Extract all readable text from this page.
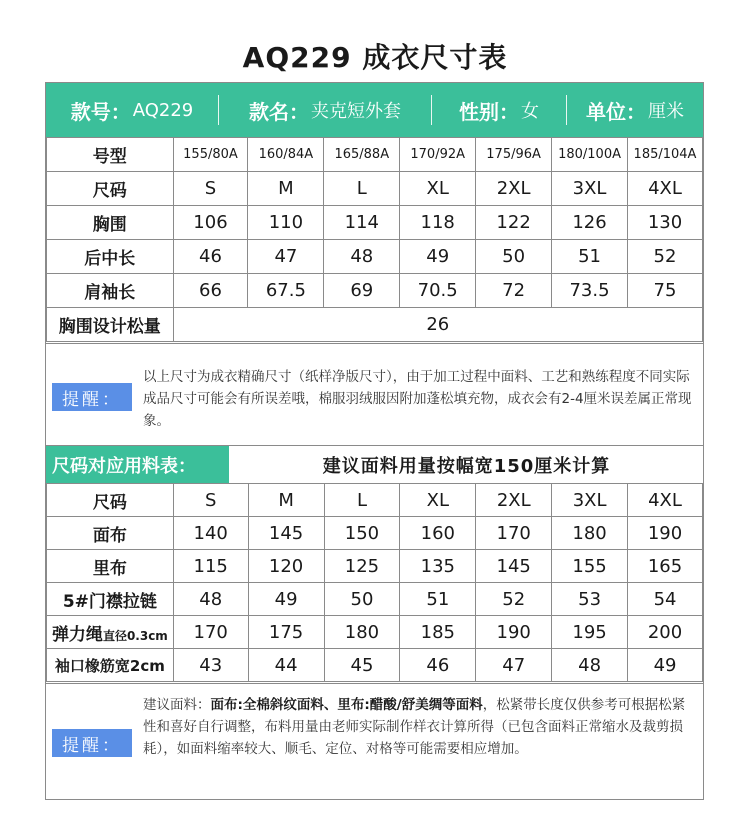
AQ229 成衣尺寸表
款号： AQ229	款名： 夹克短外套	性别： 女 单位： 厘米
号型	155/80A	160/84A	165/88A	170/92A	175/96A	180/100A	185/104A
尺码	S	M	L	XL	2XL	3XL	4XL
胸围	106	110	114	118	122	126	130
后中长	46	47	48	49	50	51	52
肩袖长	66	67.5	69	70.5	72	73.5	75
胸围设计松量	26						
提醒：
以上尺寸为成衣精确尺寸（纸样净版尺寸），由于加工过程中面料、工艺和熟练程度不同实际成品尺寸可能会有所误差哦，棉服羽绒服因附加蓬松填充物，成衣会有2-4厘米误差属正常现象。
尺码对应用料表：	建议面料用量按幅宽150厘米计算
尺码	S	M	L	XL	2XL	3XL	4XL
面布	140	145	150	160	170	180	190
里布	115	120	125	135	145	155	165
5#门襟拉链	48	49	50	51	52	53	54
弹力绳直径0.3cm	170	175	180	185	190	195	200
袖口橡筋宽2cm	43	44	45	46	47	48	49
提醒：
建议面料：面布:全棉斜纹面料、里布:醋酸/舒美绸等面料，松紧带长度仅供参考可根据松紧性和喜好自行调整，布料用量由老师实际制作样衣计算所得（已包含面料正常缩水及裁剪损耗），如面料缩率较大、顺毛、定位、对格等可能需要相应增加。
